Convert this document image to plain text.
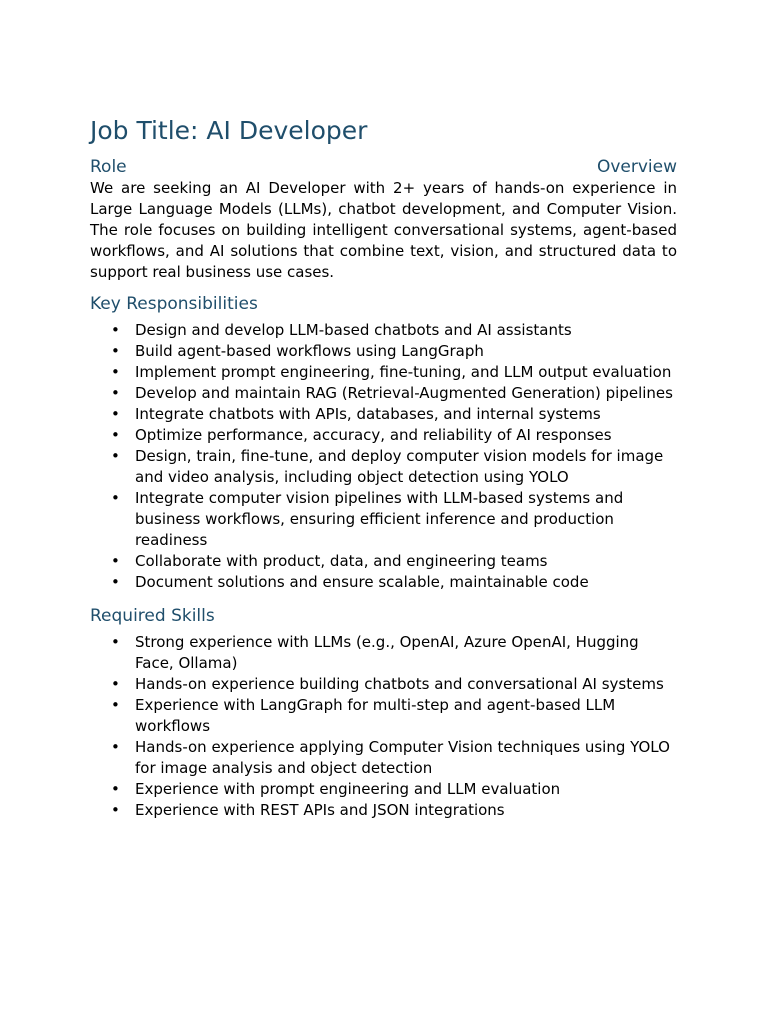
Job Title: AI Developer
Role	Overview

We are seeking an AI Developer with 2+ years of hands-on experience in Large Language Models (LLMs), chatbot development, and Computer Vision. The role focuses on building intelligent conversational systems, agent-based workflows, and AI solutions that combine text, vision, and structured data to support real business use cases.

Key Responsibilities
• Design and develop LLM-based chatbots and AI assistants
• Build agent-based workflows using LangGraph
• Implement prompt engineering, fine-tuning, and LLM output evaluation
• Develop and maintain RAG (Retrieval-Augmented Generation) pipelines
• Integrate chatbots with APIs, databases, and internal systems
• Optimize performance, accuracy, and reliability of AI responses
• Design, train, fine-tune, and deploy computer vision models for image and video analysis, including object detection using YOLO
• Integrate computer vision pipelines with LLM-based systems and business workflows, ensuring efficient inference and production readiness
• Collaborate with product, data, and engineering teams
• Document solutions and ensure scalable, maintainable code
Required Skills
• Strong experience with LLMs (e.g., OpenAI, Azure OpenAI, Hugging Face, Ollama)
• Hands-on experience building chatbots and conversational AI systems
• Experience with LangGraph for multi-step and agent-based LLM workflows
• Hands-on experience applying Computer Vision techniques using YOLO for image analysis and object detection
• Experience with prompt engineering and LLM evaluation
• Experience with REST APIs and JSON integrations
